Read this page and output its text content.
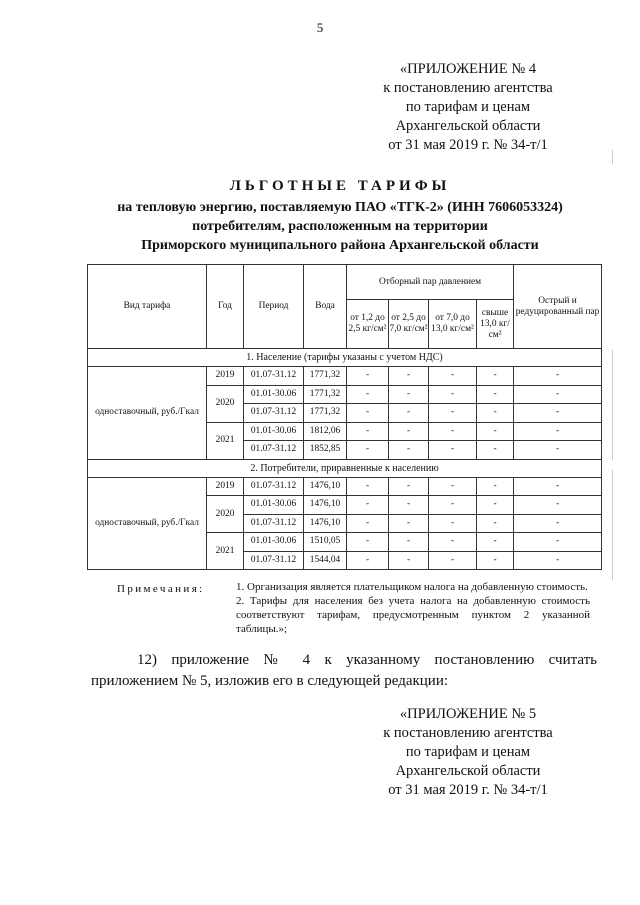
5
«ПРИЛОЖЕНИЕ № 4
к постановлению агентства
по тарифам и ценам
Архангельской области
от 31 мая 2019 г. № 34-т/1
ЛЬГОТНЫЕ ТАРИФЫ
на тепловую энергию, поставляемую ПАО «ТГК-2» (ИНН 7606053324)
потребителям, расположенным на территории
Приморского муниципального района Архангельской области
Вид тарифа	Год	Период	Вода	Отборный пар давлением				Острый и редуцированный пар
				от 1,2 до 2,5 кг/см²	от 2,5 до 7,0 кг/см²	от 7,0 до 13,0 кг/см²	свыше 13,0 кг/см²	
1. Население (тарифы указаны с учетом НДС)								
одноставочный, руб./Гкал	2019	01.07-31.12	1771,32	-	-	-	-	-
	2020	01.01-30.06	1771,32	-	-	-	-	-
		01.07-31.12	1771,32	-	-	-	-	-
	2021	01.01-30.06	1812,06	-	-	-	-	-
		01.07-31.12	1852,85	-	-	-	-	-
2. Потребители, приравненные к населению								
одноставочный, руб./Гкал	2019	01.07-31.12	1476,10	-	-	-	-	-
	2020	01.01-30.06	1476,10	-	-	-	-	-
		01.07-31.12	1476,10	-	-	-	-	-
	2021	01.01-30.06	1510,05	-	-	-	-	-
		01.07-31.12	1544,04	-	-	-	-	-
Примечания:	1. Организация является плательщиком налога на добавленную стоимость.
2. Тарифы для населения без учета налога на добавленную стоимость соответствуют тарифам, предусмотренным пунктом 2 указанной таблицы.»;
12) приложение № 4 к указанному постановлению считать
приложением № 5, изложив его в следующей редакции:
«ПРИЛОЖЕНИЕ № 5
к постановлению агентства
по тарифам и ценам
Архангельской области
от 31 мая 2019 г. № 34-т/1
